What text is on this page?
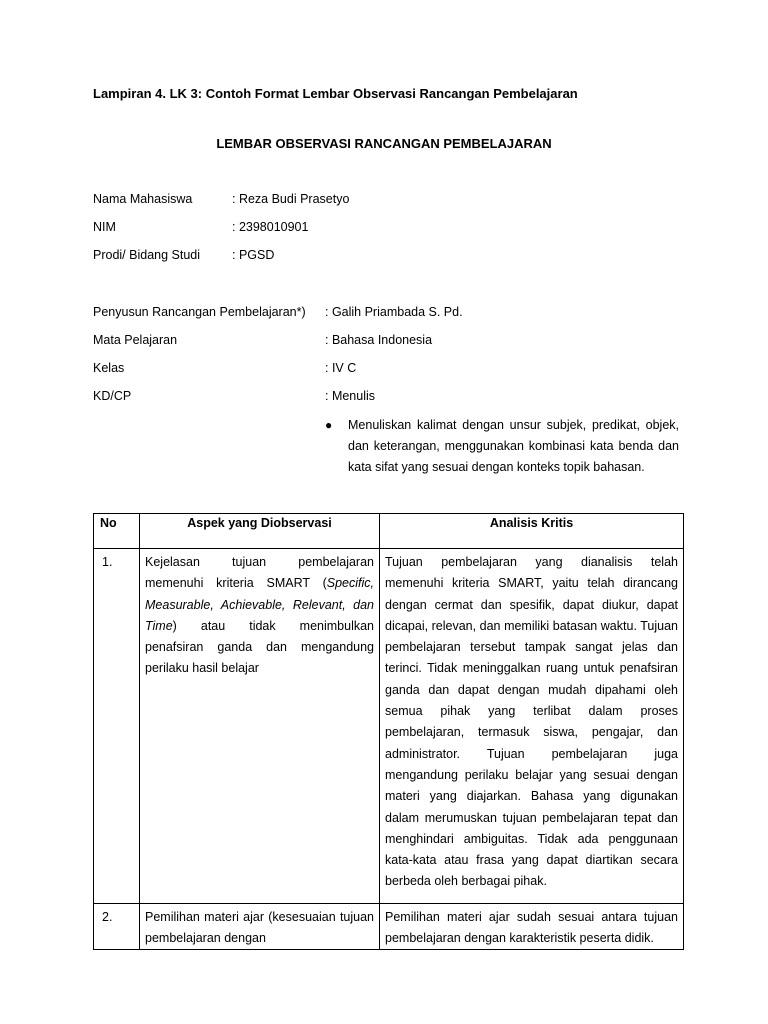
Lampiran 4. LK 3: Contoh Format Lembar Observasi Rancangan Pembelajaran
LEMBAR OBSERVASI RANCANGAN PEMBELAJARAN
Nama Mahasiswa	: Reza Budi Prasetyo
NIM	: 2398010901
Prodi/ Bidang Studi	: PGSD
Penyusun Rancangan Pembelajaran*) : Galih Priambada S. Pd.
Mata Pelajaran	: Bahasa Indonesia
Kelas	: IV C
KD/CP	: Menulis
● Menuliskan kalimat dengan unsur subjek, predikat, objek, dan keterangan, menggunakan kombinasi kata benda dan kata sifat yang sesuai dengan konteks topik bahasan.
No	Aspek yang Diobservasi	Analisis Kritis
1.	Kejelasan tujuan pembelajaran memenuhi kriteria SMART (Specific, Measurable, Achievable, Relevant, dan Time) atau tidak menimbulkan penafsiran ganda dan mengandung perilaku hasil belajar	Tujuan pembelajaran yang dianalisis telah memenuhi kriteria SMART, yaitu telah dirancang dengan cermat dan spesifik, dapat diukur, dapat dicapai, relevan, dan memiliki batasan waktu. Tujuan pembelajaran tersebut tampak sangat jelas dan terinci. Tidak meninggalkan ruang untuk penafsiran ganda dan dapat dengan mudah dipahami oleh semua pihak yang terlibat dalam proses pembelajaran, termasuk siswa, pengajar, dan administrator. Tujuan pembelajaran juga mengandung perilaku belajar yang sesuai dengan materi yang diajarkan. Bahasa yang digunakan dalam merumuskan tujuan pembelajaran tepat dan menghindari ambiguitas. Tidak ada penggunaan kata-kata atau frasa yang dapat diartikan secara berbeda oleh berbagai pihak.
2.	Pemilihan materi ajar (kesesuaian tujuan pembelajaran dengan	Pemilihan materi ajar sudah sesuai antara tujuan pembelajaran dengan karakteristik peserta didik.
